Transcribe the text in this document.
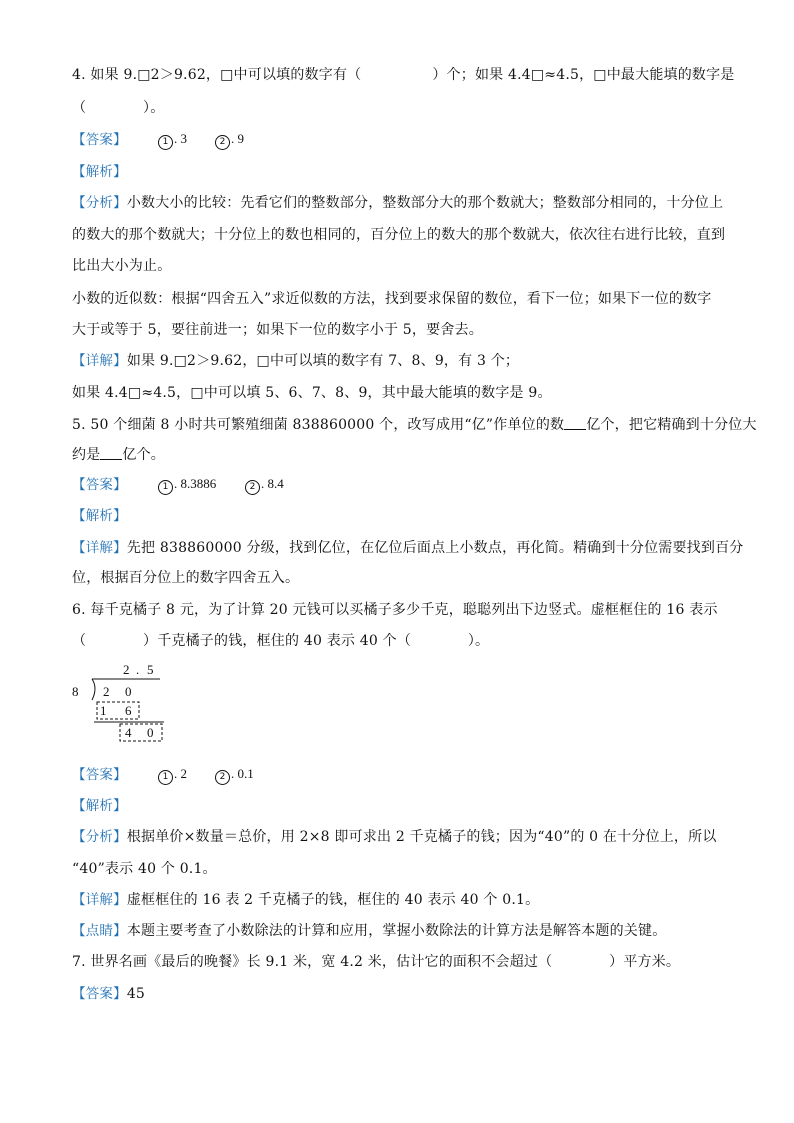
4. 如果 9.□2＞9.62，□中可以填的数字有（　　　　　）个；如果 4.4□≈4.5，□中最大能填的数字是
（　　　　）。
【答案】	1 . 3	2 . 9
【解析】
【分析】小数大小的比较：先看它们的整数部分，整数部分大的那个数就大；整数部分相同的，十分位上
的数大的那个数就大；十分位上的数也相同的，百分位上的数大的那个数就大，依次往右进行比较，直到
比出大小为止。
小数的近似数：根据“四舍五入”求近似数的方法，找到要求保留的数位，看下一位；如果下一位的数字
大于或等于 5，要往前进一；如果下一位的数字小于 5，要舍去。
【详解】如果 9.□2＞9.62，□中可以填的数字有 7、8、9，有 3 个；
如果 4.4□≈4.5，□中可以填 5、6、7、8、9，其中最大能填的数字是 9。
5. 50 个细菌 8 小时共可繁殖细菌 838860000 个，改写成用“亿”作单位的数 亿个，把它精确到十分位大
约是 亿个。
【答案】	1 . 8.3886	2 . 8.4
【解析】
【详解】先把 838860000 分级，找到亿位，在亿位后面点上小数点，再化简。精确到十分位需要找到百分
位，根据百分位上的数字四舍五入。
6. 每千克橘子 8 元，为了计算 20 元钱可以买橘子多少千克，聪聪列出下边竖式。虚框框住的 16 表示
（　　　　）千克橘子的钱，框住的 40 表示 40 个（　　　　）。
2 . 5
8 2 0
1 6
4 0
【答案】	1 . 2	2 . 0.1
【解析】
【分析】根据单价×数量＝总价，用 2×8 即可求出 2 千克橘子的钱；因为“40”的 0 在十分位上，所以
“40”表示 40 个 0.1。
【详解】虚框框住的 16 表 2 千克橘子的钱，框住的 40 表示 40 个 0.1。
【点睛】本题主要考查了小数除法的计算和应用，掌握小数除法的计算方法是解答本题的关键。
7. 世界名画《最后的晚餐》长 9.1 米，宽 4.2 米，估计它的面积不会超过（　　　　）平方米。
【答案】45
